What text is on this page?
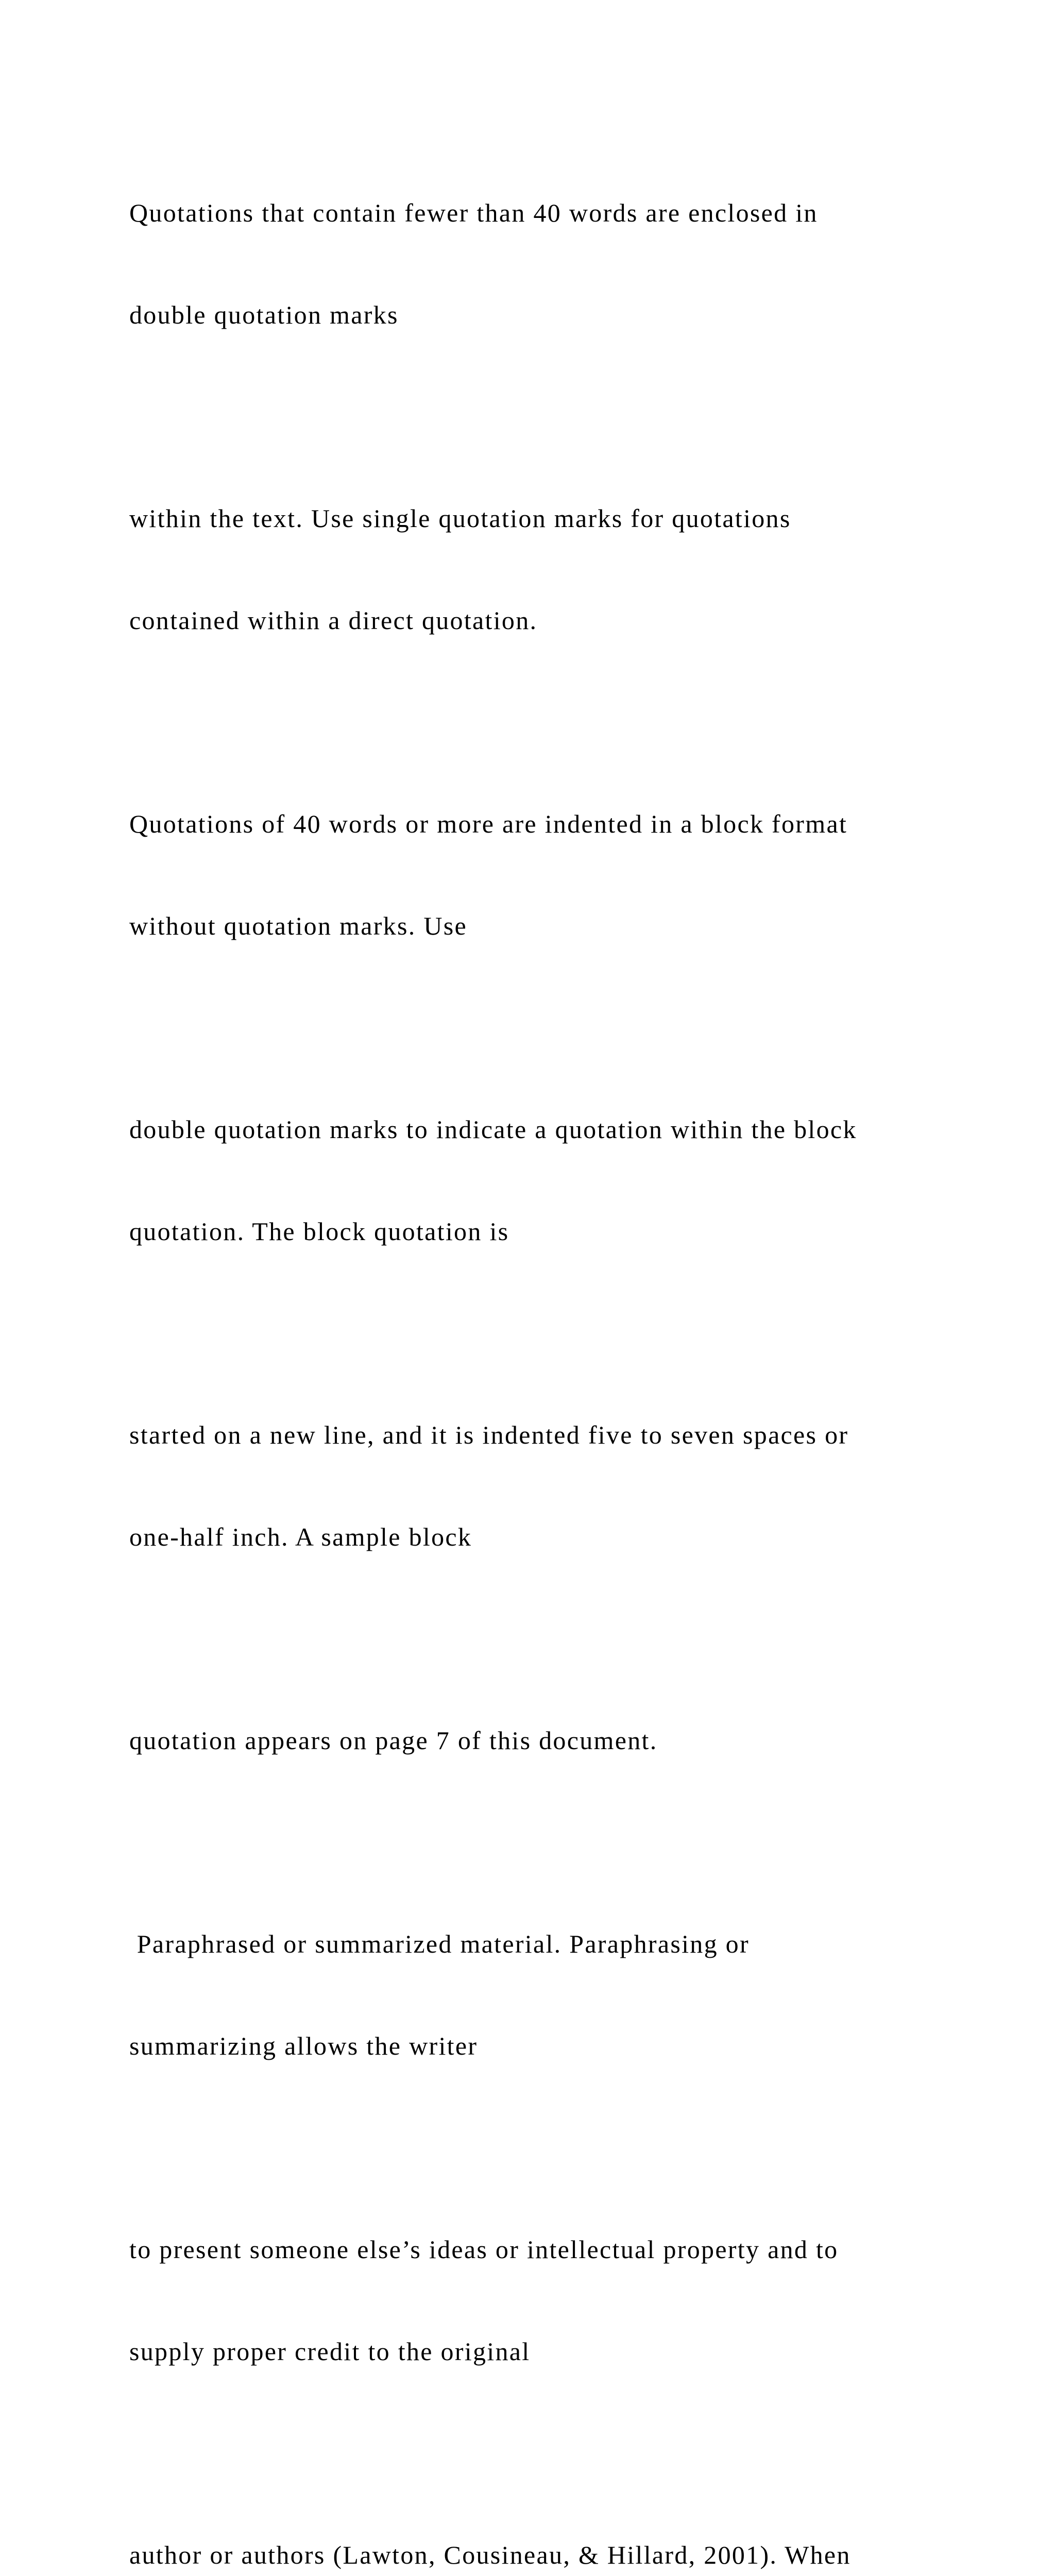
Quotations that contain fewer than 40 words are enclosed in

double quotation marks

within the text. Use single quotation marks for quotations

contained within a direct quotation.

Quotations of 40 words or more are indented in a block format

without quotation marks. Use

double quotation marks to indicate a quotation within the block

quotation. The block quotation is

started on a new line, and it is indented five to seven spaces or

one-half inch. A sample block

quotation appears on page 7 of this document.

Paraphrased or summarized material. Paraphrasing or

summarizing allows the writer

to present someone else’s ideas or intellectual property and to

supply proper credit to the original

author or authors (Lawton, Cousineau, & Hillard, 2001). When
